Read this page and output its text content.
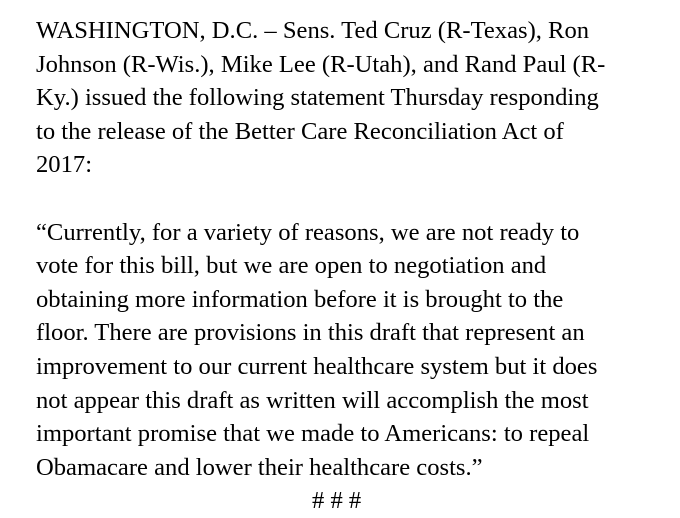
WASHINGTON, D.C. – Sens. Ted Cruz (R-Texas), Ron
Johnson (R-Wis.), Mike Lee (R-Utah), and Rand Paul (R-
Ky.) issued the following statement Thursday responding
to the release of the Better Care Reconciliation Act of
2017:
“Currently, for a variety of reasons, we are not ready to
vote for this bill, but we are open to negotiation and
obtaining more information before it is brought to the
floor. There are provisions in this draft that represent an
improvement to our current healthcare system but it does
not appear this draft as written will accomplish the most
important promise that we made to Americans: to repeal
Obamacare and lower their healthcare costs.”
# # #
